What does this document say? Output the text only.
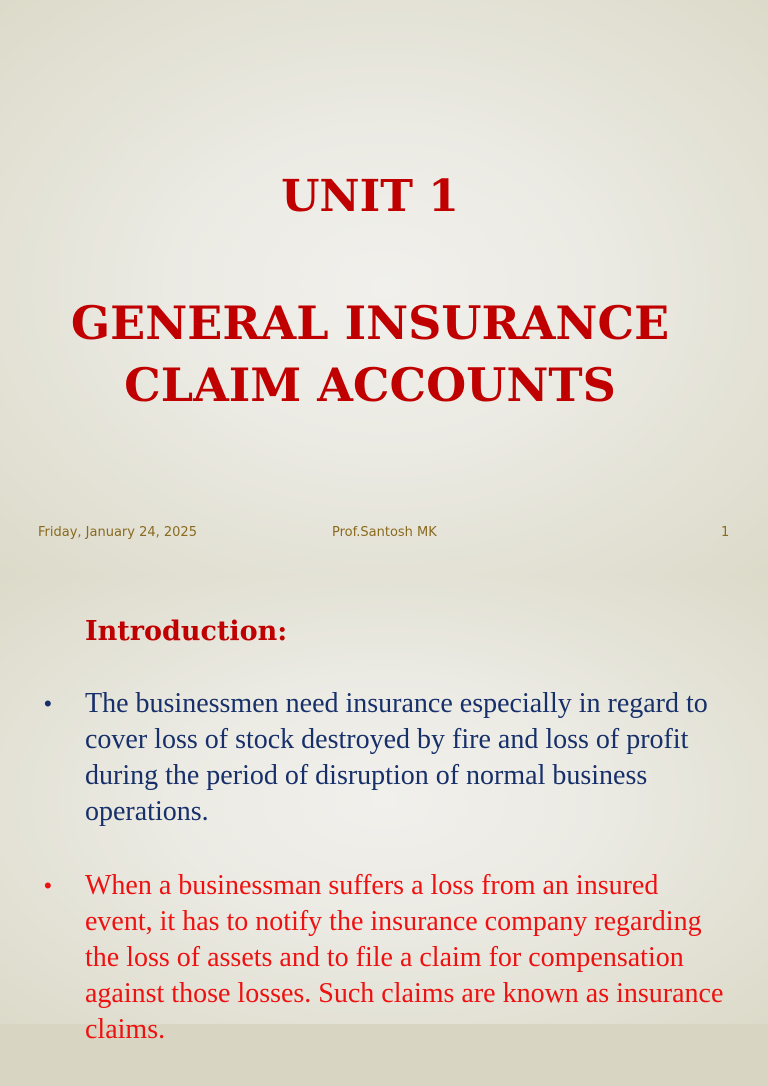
UNIT 1
GENERAL INSURANCE
CLAIM ACCOUNTS
Friday, January 24, 2025	Prof.Santosh MK	1
Introduction:
• The businessmen need insurance especially in regard to cover loss of stock destroyed by fire and loss of profit during the period of disruption of normal business operations.
• When a businessman suffers a loss from an insured event, it has to notify the insurance company regarding the loss of assets and to file a claim for compensation against those losses. Such claims are known as insurance claims.
